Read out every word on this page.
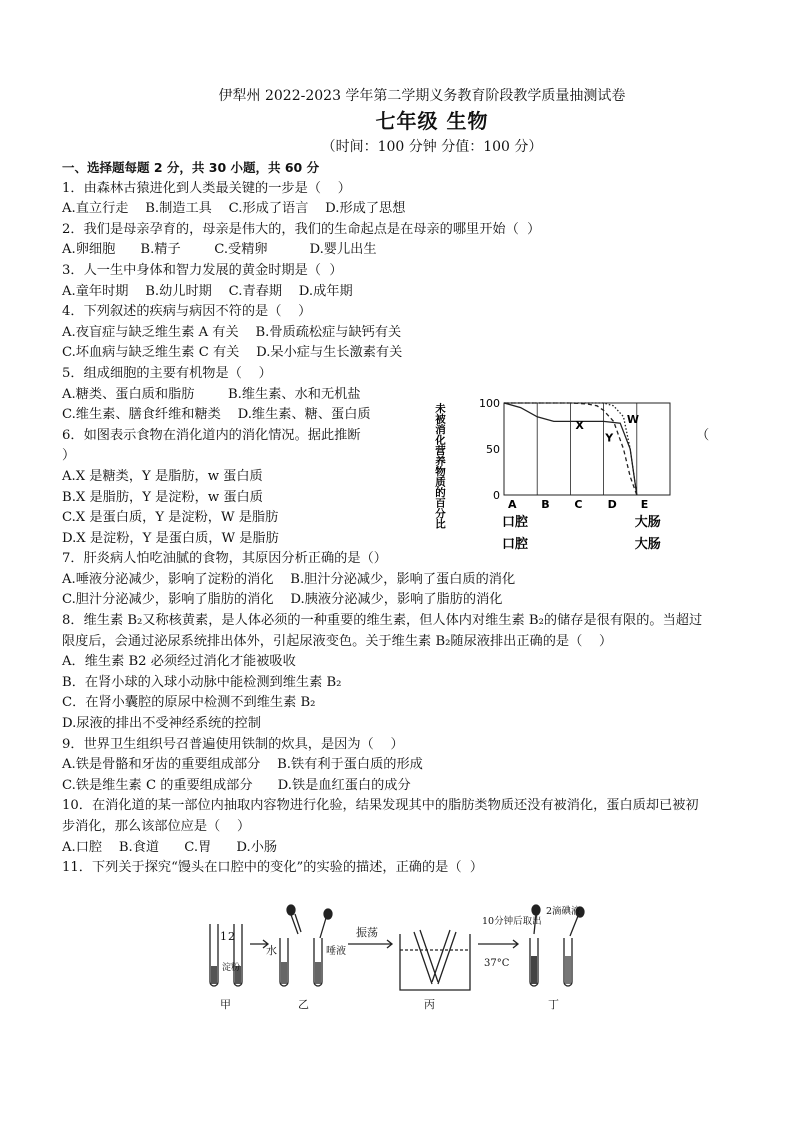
伊犁州 2022-2023 学年第二学期义务教育阶段教学质量抽测试卷
七年级 生物
（时间：100 分钟 分值：100 分）
一、选择题每题 2 分，共 30 小题，共 60 分
1．由森林古猿进化到人类最关键的一步是（    ）
A.直立行走    B.制造工具    C.形成了语言    D.形成了思想
2．我们是母亲孕育的，母亲是伟大的，我们的生命起点是在母亲的哪里开始（  ）
A.卵细胞      B.精子        C.受精卵          D.婴儿出生
3．人一生中身体和智力发展的黄金时期是（  ）
A.童年时期    B.幼儿时期    C.青春期    D.成年期
4．下列叙述的疾病与病因不符的是（    ）
A.夜盲症与缺乏维生素 A 有关    B.骨质疏松症与缺钙有关
C.坏血病与缺乏维生素 C 有关    D.呆小症与生长激素有关
5．组成细胞的主要有机物是（    ）
A.糖类、蛋白质和脂肪        B.维生素、水和无机盐
C.维生素、膳食纤维和糖类    D.维生素、糖、蛋白质
6．如图表示食物在消化道内的消化情况。据此推断	（
）
A.X 是糖类，Y 是脂肪，w 蛋白质
B.X 是脂肪，Y 是淀粉，w 蛋白质
C.X 是蛋白质，Y 是淀粉，W 是脂肪
D.X 是淀粉，Y 是蛋白质，W 是脂肪
100
50
0
未被消化营养物质的百分比	A B C D E
口腔	大肠
口腔	大肠
X
Y
W
7．肝炎病人怕吃油腻的食物，其原因分析正确的是（）
A.唾液分泌减少，影响了淀粉的消化    B.胆汁分泌减少，影响了蛋白质的消化
C.胆汁分泌减少，影响了脂肪的消化    D.胰液分泌减少，影响了脂肪的消化
8．维生素 B₂又称核黄素，是人体必须的一种重要的维生素，但人体内对维生素 B₂的储存是很有限的。当超过
限度后，会通过泌尿系统排出体外，引起尿液变色。关于维生素 B₂随尿液排出正确的是（    ）
A．维生素 B2 必须经过消化才能被吸收
B．在肾小球的入球小动脉中能检测到维生素 B₂
C．在肾小囊腔的原尿中检测不到维生素 B₂
D.尿液的排出不受神经系统的控制
9．世界卫生组织号召普遍使用铁制的炊具，是因为（    ）
A.铁是骨骼和牙齿的重要组成部分    B.铁有利于蛋白质的形成
C.铁是维生素 C 的重要组成部分      D.铁是血红蛋白的成分
10．在消化道的某一部位内抽取内容物进行化验，结果发现其中的脂肪类物质还没有被消化，蛋白质却已被初
步消化，那么该部位应是（    ）
A.口腔    B.食道      C.胃      D.小肠
11．下列关于探究“馒头在口腔中的变化”的实验的描述，正确的是（  ）
1 2
淀粉
甲
水	唾液
乙
振荡
丙
10分钟后取出
37°C
2滴碘液
丁
